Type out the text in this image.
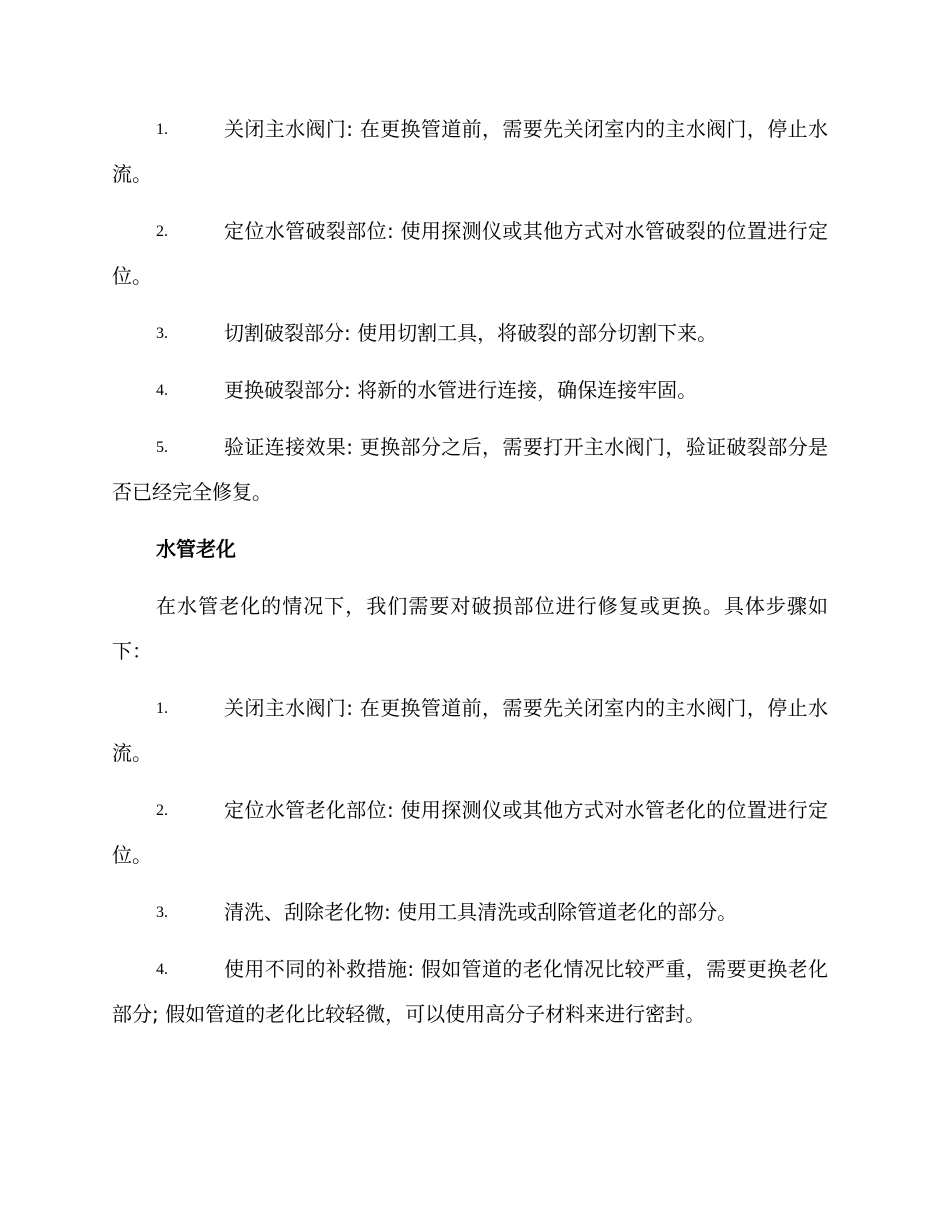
1.	关闭主水阀门: 在更换管道前，需要先关闭室内的主水阀门，停止水流。
2.	定位水管破裂部位: 使用探测仪或其他方式对水管破裂的位置进行定位。
3.	切割破裂部分: 使用切割工具，将破裂的部分切割下来。
4.	更换破裂部分: 将新的水管进行连接，确保连接牢固。
5.	验证连接效果: 更换部分之后，需要打开主水阀门，验证破裂部分是否已经完全修复。
水管老化
在水管老化的情况下，我们需要对破损部位进行修复或更换。具体步骤如下：
1.	关闭主水阀门: 在更换管道前，需要先关闭室内的主水阀门，停止水流。
2.	定位水管老化部位: 使用探测仪或其他方式对水管老化的位置进行定位。
3.	清洗、刮除老化物: 使用工具清洗或刮除管道老化的部分。
4.	使用不同的补救措施: 假如管道的老化情况比较严重，需要更换老化部分; 假如管道的老化比较轻微，可以使用高分子材料来进行密封。
